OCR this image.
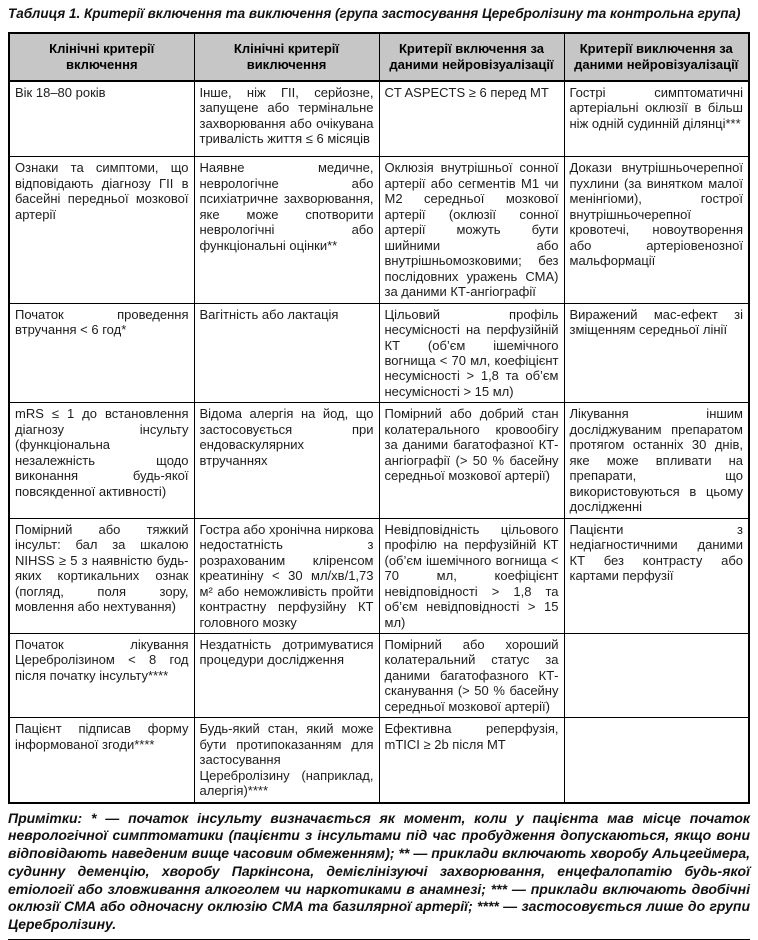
Таблиця 1. Критерії включення та виключення (група застосування Церебролізину та контрольна група)
Клінічні критерії включення	Клінічні критерії виключення	Критерії включення за даними нейровізуалізації	Критерії виключення за даними нейровізуалізації
Вік 18–80 років	Інше, ніж ГІІ, серйозне, запущене або термінальне захворювання або очікувана тривалість життя ≤ 6 місяців	CT ASPECTS ≥ 6 перед МТ	Гострі симптоматичні артеріальні оклюзії в більш ніж одній судинній ділянці***
Ознаки та симптоми, що відповідають діагнозу ГІІ в басейні передньої мозкової артерії	Наявне медичне, неврологічне або психіатричне захворювання, яке може спотворити неврологічні або функціональні оцінки**	Оклюзія внутрішньої сонної артерії або сегментів М1 чи М2 середньої мозкової артерії (оклюзії сонної артерії можуть бути шийними або внутрішньомозковими; без послідовних уражень СМА) за даними КТ-ангіографії	Докази внутрішньочерепної пухлини (за винятком малої менінгіоми), гострої внутрішньочерепної кровотечі, новоутворення або артеріовенозної мальформації
Початок проведення втручання < 6 год*	Вагітність або лактація	Цільовий профіль несумісності на перфузійній КТ (об’єм ішемічного вогнища < 70 мл, коефіцієнт несумісності > 1,8 та об’єм несумісності > 15 мл)	Виражений мас-ефект зі зміщенням середньої лінії
mRS ≤ 1 до встановлення діагнозу інсульту (функціональна незалежність щодо виконання будь-якої повсякденної активності)	Відома алергія на йод, що застосовується при ендоваскулярних втручаннях	Помірний або добрий стан колатерального кровообігу за даними багатофазної КТ-ангіографії (> 50 % басейну середньої мозкової артерії)	Лікування іншим досліджуваним препаратом протягом останніх 30 днів, яке може впливати на препарати, що використовуються в цьому дослідженні
Помірний або тяжкий інсульт: бал за шкалою NIHSS ≥ 5 з наявністю будь-яких кортикальних ознак (погляд, поля зору, мовлення або нехтування)	Гостра або хронічна ниркова недостатність з розрахованим кліренсом креатиніну < 30 мл/хв/1,73 м² або неможливість пройти контрастну перфузійну КТ головного мозку	Невідповідність цільового профілю на перфузійній КТ (об’єм ішемічного вогнища < 70 мл, коефіцієнт невідповідності > 1,8 та об’єм невідповідності > 15 мл)	Пацієнти з недіагностичними даними КТ без контрасту або картами перфузії
Початок лікування Церебролізином < 8 год після початку інсульту****	Нездатність дотримуватися процедури дослідження	Помірний або хороший колатеральний статус за даними багатофазного КТ-сканування (> 50 % басейну середньої мозкової артерії)	
Пацієнт підписав форму інформованої згоди****	Будь-який стан, який може бути протипоказанням для застосування Церебролізину (наприклад, алергія)****	Ефективна реперфузія, mTICI ≥ 2b після МТ	
Примітки: * — початок інсульту визначається як момент, коли у пацієнта мав місце початок неврологічної симптоматики (пацієнти з інсультами під час пробудження допускаються, якщо вони відповідають наведеним вище часовим обмеженням); ** — приклади включають хворобу Альцгеймера, судинну деменцію, хворобу Паркінсона, демієлінізуючі захворювання, енцефалопатію будь-якої етіології або зловживання алкоголем чи наркотиками в анамнезі; *** — приклади включають двобічні оклюзії СМА або одночасну оклюзію СМА та базилярної артерії; **** — застосовується лише до групи Церебролізину.
